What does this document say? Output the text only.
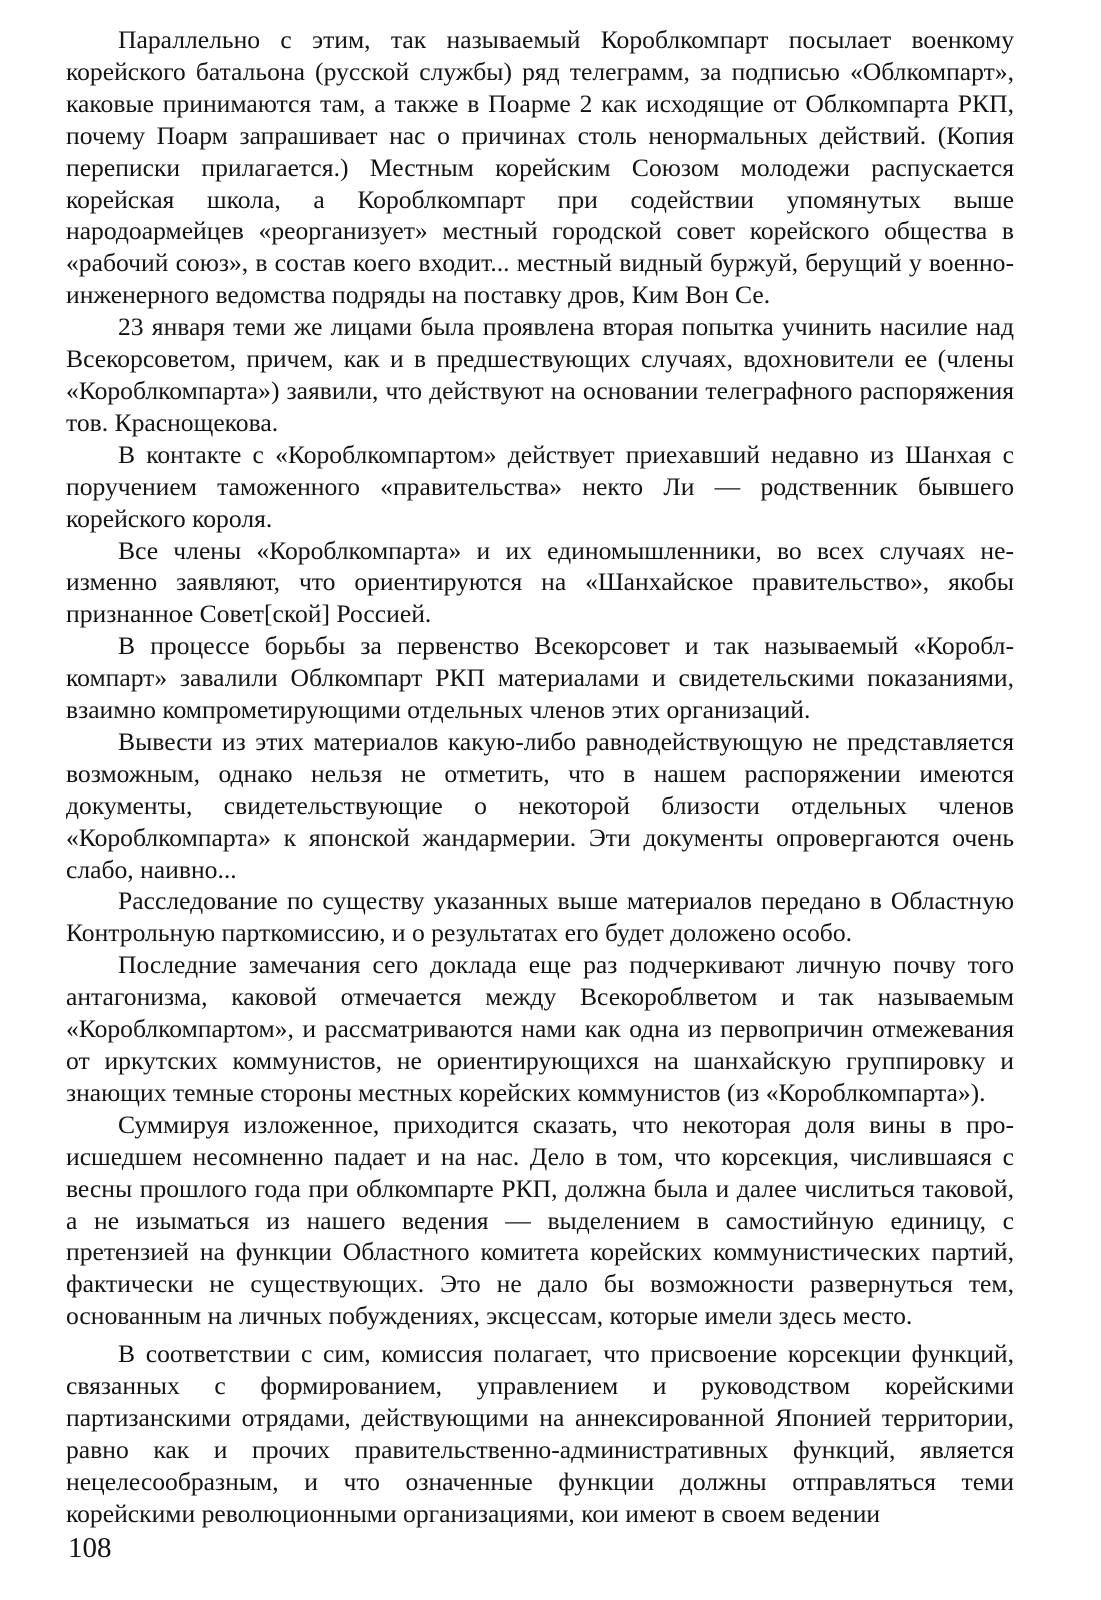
Параллельно с этим, так называемый Короблкомпарт посылает военкому корейского батальона (русской службы) ряд телеграмм, за подписью «Облкомпарт», каковые принимаются там, а также в Поарме 2 как исходящие от Облкомпарта РКП, почему Поарм запрашивает нас о причинах столь ненормальных действий. (Копия переписки прилагается.) Местным корейским Союзом молодежи распускается корейская школа, а Короблкомпарт при содействии упомянутых выше народоармейцев «реорганизует» местный городской совет корейского общества в «рабочий союз», в состав коего входит... местный видный буржуй, берущий у военно-инженерного ведомства подряды на поставку дров, Ким Вон Се.

23 января теми же лицами была проявлена вторая попытка учинить насилие над Всекорсоветом, причем, как и в предшествующих случаях, вдохновители ее (члены «Короблкомпарта») заявили, что действуют на основании телеграфного распоряжения тов. Краснощекова.

В контакте с «Короблкомпартом» действует приехавший недавно из Шанхая с поручением таможенного «правительства» некто Ли — родственник бывшего корейского короля.

Все члены «Короблкомпарта» и их единомышленники, во всех случаях неизменно заявляют, что ориентируются на «Шанхайское правительство», якобы признанное Совет[ской] Россией.

В процессе борьбы за первенство Всекорсовет и так называемый «Короблкомпарт» завалили Облкомпарт РКП материалами и свидетельскими показаниями, взаимно компрометирующими отдельных членов этих организаций.

Вывести из этих материалов какую-либо равнодействующую не представляется возможным, однако нельзя не отметить, что в нашем распоряжении имеются документы, свидетельствующие о некоторой близости отдельных членов «Короблкомпарта» к японской жандармерии. Эти документы опровергаются очень слабо, наивно...

Расследование по существу указанных выше материалов передано в Областную Контрольную парткомиссию, и о результатах его будет доложено особо.

Последние замечания сего доклада еще раз подчеркивают личную почву того антагонизма, каковой отмечается между Всекороблветом и так называемым «Короблкомпартом», и рассматриваются нами как одна из первопричин отмежевания от иркутских коммунистов, не ориентирующихся на шанхайскую группировку и знающих темные стороны местных корейских коммунистов (из «Короблкомпарта»).

Суммируя изложенное, приходится сказать, что некоторая доля вины в происшедшем несомненно падает и на нас. Дело в том, что корсекция, числившаяся с весны прошлого года при облкомпарте РКП, должна была и далее числиться таковой, а не изыматься из нашего ведения — выделением в самостийную единицу, с претензией на функции Областного комитета корейских коммунистических партий, фактически не существующих. Это не дало бы возможности развернуться тем, основанным на личных побуждениях, эксцессам, которые имели здесь место.

В соответствии с сим, комиссия полагает, что присвоение корсекции функций, связанных с формированием, управлением и руководством корейскими партизанскими отрядами, действующими на аннексированной Японией территории, равно как и прочих правительственно-административных функций, является нецелесообразным, и что означенные функции должны отправляться теми корейскими революционными организациями, кои имеют в своем ведении

108
